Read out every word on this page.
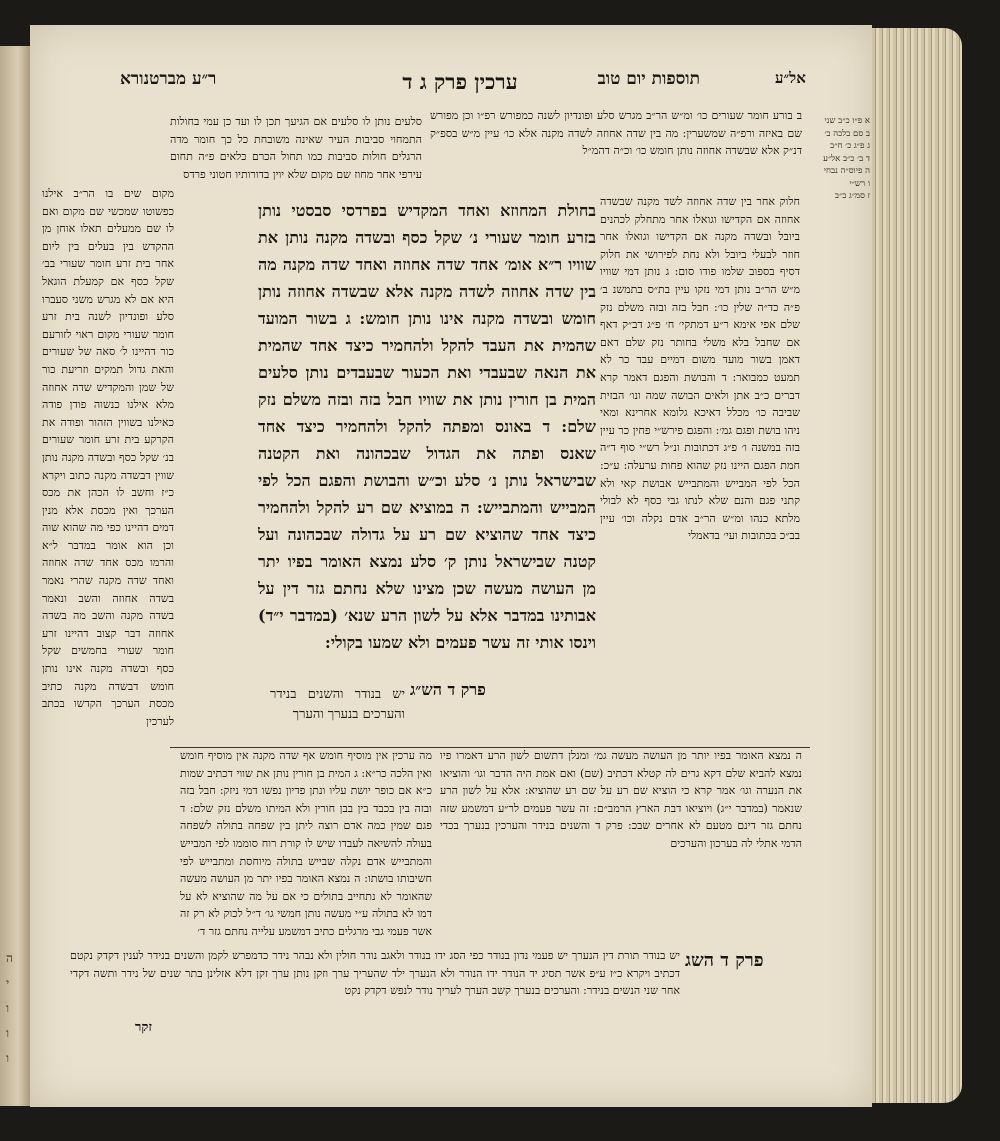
ה
י
ו
ו
ו
אל״ע
תוספות יום טוב
ערכין פרק ג ד
ר״ע מברטנורא
א פ״ו כ״ב שני
ב סם בלכה ב׳
ג פ״ג כ׳ ח״ב
ד ב׳ כ״ב אל״ע
ה פיוס״ה נבחי
ו רש״י
ז סמ״ג ב״ב

ב בורע חומר שעורים כו׳ ומ״ש הר״ב מגרש סלע ופונדיון לשנה כמפורש רפ״ו וכן מפורש שם באיזה ורפ״ה שמשערין: מה בין שדה אחוזה לשדה מקנה אלא כו׳ עיין מ״ש בספ״ק דנ״ק אלא שבשדה אחוזה נותן חומש כו׳ וכ״ה דהמ״ל

סלעים נותן לו סלעים אם הגיעך תכן לו ועד כן עמי בחולות התמחוי סביבות העיר שאינה משובחת כל כך חומר מדה הרגלים חולות סביבות כמו תחול הכרם כלאים פ״ה תחום עירפי אחר מחוז שם מקום שלא יוין בדורותיו חטוני פרדס

מקום שים בו הר״ב אילנו כפשוטו שמכשי שם מקום ואם לו שם ממעלים תאלו אוחן מן ההקדש בין בעלים בין ליום אחר בית זרע חומר שעורי בב׳ שקל כסף אם קמעלת הוגאל היא אם לא מגרש משני סעברו סלע ופונדיון לשנה בית זרע חומר שעורי מקום ראוי לזורעם כור דהיינו ל׳ סאה של שעורים והאת גדול תמקים וזריעת כור של שמן והמקדיש שדה אחוזה מלא אילנו כנשוה פודן פודה כאילנו בשווין הזהור ופודה את הקרקע בית זרע חומר שעורים בנ׳ שקל כסף ובשדה מקנה נותן שווין דבשדה מקנה כתוב ויקרא כ״ז וחשב לו הכהן את מכס הערכך ואין מכסת אלא מנין דמים דהיינו כפי מה שהוא שוה וכן הוא אומר במדבר ל״א והרמו מכס אחד שדה אחוזה ואחד שדה מקנה שהרי נאמר בשדה אחוזה והשב ונאמר בשדה מקנה והשב מה בשדה אחוזה דבר קצוב דהיינו זרע חומר שעורי בחמשים שקל כסף ובשדה מקנה אינו נותן חומש דבשדה מקנה כתיב מכסת הערכך הקדשו בכתב לערכין

בחולת המחוזא ואחד המקדיש בפרדסי סבסטי נותן בזרע חומר שעורי נ׳ שקל כסף ובשדה מקנה נותן את שוויו ר״א אומ׳ אחד שדה אחוזה ואחד שדה מקנה מה בין שדה אחוזה לשדה מקנה אלא שבשדה אחוזה נותן חומש ובשדה מקנה אינו נותן חומש: ג בשור המועד שהמית את העבד להקל ולהחמיר כיצד אחד שהמית את הנאה שבעבדי ואת הכעור שבעבדים נותן סלעים המית בן חורין נותן את שוויו חבל בזה ובזה משלם נזק שלם: ד באונס ומפתה להקל ולהחמיר כיצד אחד שאנס ופתה את הגדול שבכהונה ואת הקטנה שבישראל נותן נ׳ סלע וכ״ש והבושת והפגם הכל לפי המבייש והמתבייש: ה במוציא שם רע להקל ולהחמיר כיצד אחד שהוציא שם רע על גדולה שבכהונה ועל קטנה שבישראל נותן ק׳ סלע נמצא האומר בפיו יתר מן העושה מעשה שכן מצינו שלא נחתם גזר דין על אבותינו במדבר אלא על לשון הרע שנא׳ (במדבר י״ד) וינסו אותי זה עשר פעמים ולא שמעו בקולי:

פרק ד הש״ג

יש בנודר והשנים בנידר והערכים בנערך והערך

חלוק אחר בין שדה אחוזה לשד מקנה שבשדה אחוזה אם הקדישו וגואלו אחר מתחלק לכהנים ביובל ובשדה מקנה אם הקדישו וגואלו אחר חוזר לבעלי ביובל ולא נחת לפירושי את חלוק דסיף בספוב שלמו פודו סום: ג נותן דמי שוויו מ״ש הר״ב נותן דמי נזקו עיין בת״ס בתמשנ ב׳ פ״ה כד״ה שלין כו׳: חבל בזה ובזה משלם נזק שלם אפי אימא ר״ע דמתקי׳ ח׳ פ״ג דב״ק דאף אם שחבל בלא משלי בחותר נזק שלם דאם דאמן בשור מועד משום דמיים עבד כר לא תמעט כמבואר: ד והבושת והפגם דאמר קרא דברים כ״ב אתן ולאים הבושה שמה ונו׳ הבזית שביבה כו׳ מכלל דאיכא גלומא אחרינא ומאי ניהו בושת ופגם גמ׳: והפגם פירש״י פחין כר עיין בזה במשנה ו׳ פ״ג דכתובות ונ״ל רש״י סוף ד״ה חמת הפגם היינו נזק שהוא פחות ערעלה: ע״כ: הכל לפי המבייש והמתבייש אבושת קאי ולא קתני פגם והנם שלא לנתו גבי כסף לא לבולי מלתא כנהו ומ״ש הר״ב אדם נקלה וכו׳ עיין בב״כ בכתובות ועי׳ בדאמלי

ה נמצא האומר בפיו יותר מן העושה מעשה גמ׳ ומנלן דתשום לשון הרע דאמרו פיו נמצא להביא שלם דקא גרים לה קטלא דכתיב (שם) ואם אמת היה הדבר וגו׳ והוציאו את הנערה וגו׳ אמר קרא כי הוציא שם רע על שם רע שהוציא: אלא על לשון הרע שנאמר (במדבר י״ג) ויוציאו דבת הארץ הרמב״ם: זה עשר פעמים לר״ע דמשמע שזה נחתם גזר דינם מטעם לא אחרים שבכ: פרק ד והשנים בנידר והערכין בנערך בכדי הדמי אתלי לה בערכון והערכים

מה ערכין אין מוסיף חומש אף שדה מקנה אין מוסיף חומש ואין הלכה כר״א: ג המית בן חורין נותן את שווי דכתיב שמות כ״א אם כופר יושת עליו ונתן פדיון נפשו דמי ניזק: חבל בזה ובזה בין בכבד בין בבן חורין ולא המיתו משלם נזק שלם: ד פגם שמין כמה אדם רוצה ליתן בין שפחה בתולה לשפחה בעולה להשיאה לעבדו שיש לו קורת רוח סוממו לפי המבייש והמתבייש אדם נקלה שבייש בתולה מיוחסת ומתבייש לפי חשיבותו בושתו: ה נמצא האומר בפיו יתר מן העושה מעשה שהאומר לא נתחייב בתולים כי אם על מה שהוציא לא על דמו לא בתולה ע״י מעשה נותן חמשי גו׳ ד״ל לכוק לא רק זה אשר פעמי גבי מרגלים כתיב דמשמע עלייה נחתם גזר ד׳

פרק ד השג

יש בנודר תורת דין הנערך יש פעמי נדון בנודר כפי הסג ידו בנודר ולאגב נודר חולין ולא נבהר נידר כדמפרש לקמן והשנים בנידר לענין דקדק נקטם דכתיב ויקרא כ״ז ע״פ אשר תסיג יד הנודר ידו הנודר ולא הנערך ילד שהעריך ערך וזקן נותן ערך זקן דלא אזלינן בתר שנים של נידר ותשה דקדי אחר שני הנשים בנידר: והערכים בנערך קשב הערך לעריך נודר לנפש דקדק נקט

זקר
